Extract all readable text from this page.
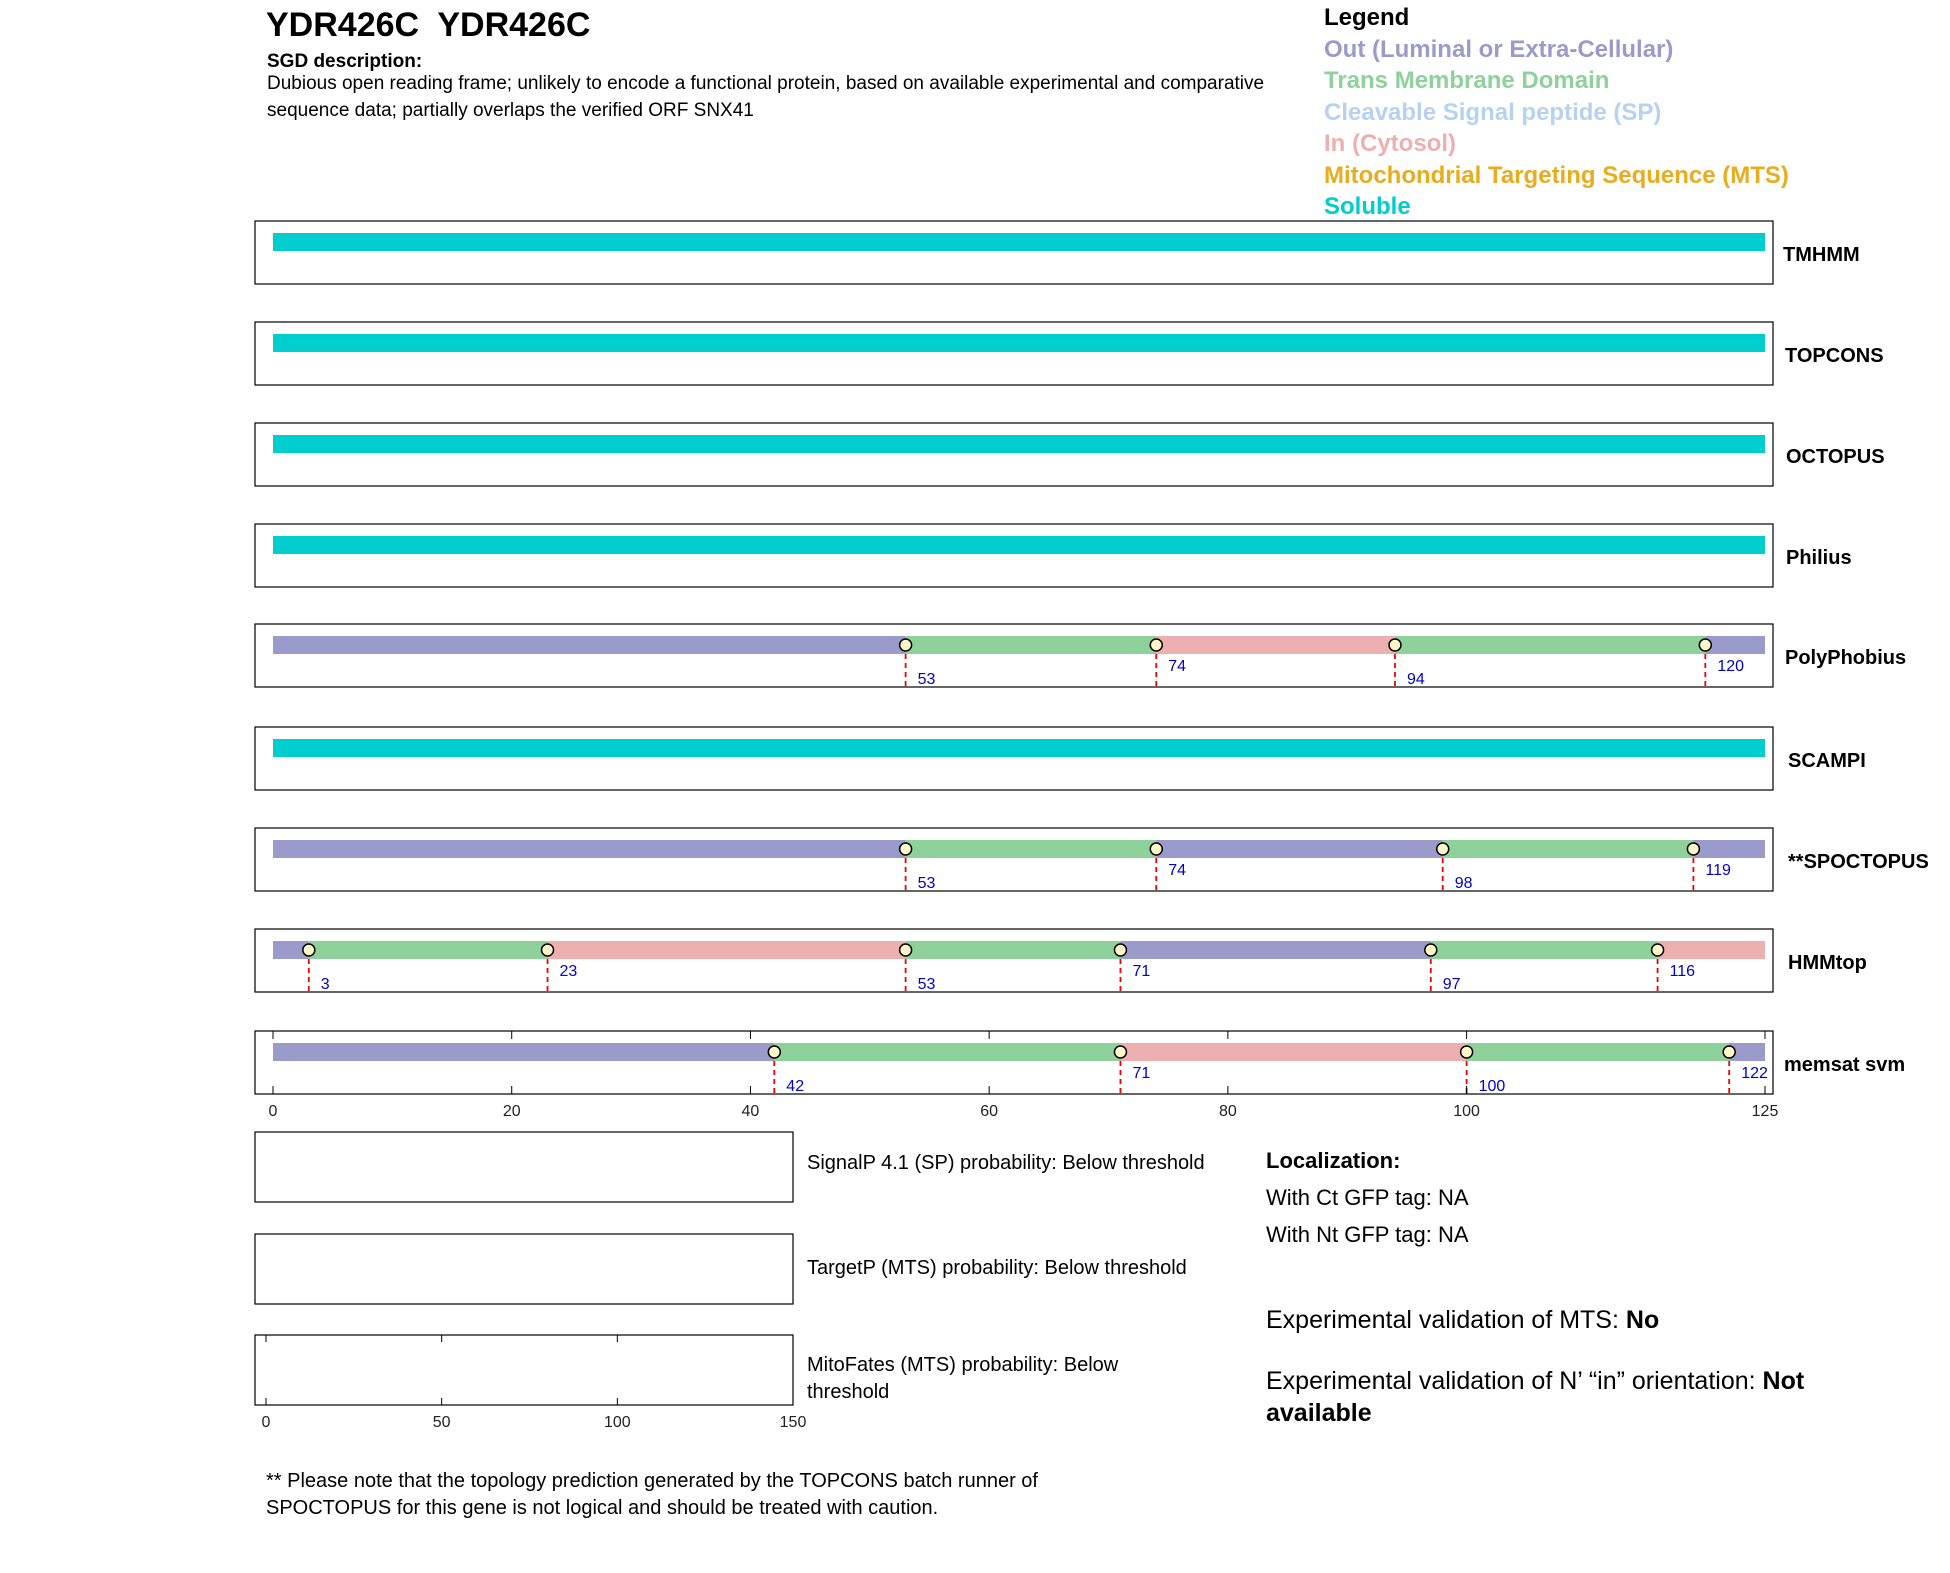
YDR426C  YDR426C
SGD description:
Dubious open reading frame; unlikely to encode a functional protein, based on available experimental and comparative sequence data; partially overlaps the verified ORF SNX41
Legend
Out (Luminal or Extra-Cellular)
Trans Membrane Domain
Cleavable Signal peptide (SP)
In (Cytosol)
Mitochondrial Targeting Sequence (MTS)
Soluble
TMHMM
TOPCONS
OCTOPUS
Philius
53
74
94
120 PolyPhobius
SCAMPI
53
74
98
119	**SPOCTOPUS
3
23
53
71
97
116	HMMtop
42
71
100
122 memsat svm
0	20	40	60	80	100	125
0	50	100	150
SignalP 4.1 (SP) probability: Below threshold
TargetP (MTS) probability: Below threshold
MitoFates (MTS) probability: Below threshold
Localization:
With Ct GFP tag: NA
With Nt GFP tag: NA
Experimental validation of MTS: No
Experimental validation of N’ “in” orientation: Not available
** Please note that the topology prediction generated by the TOPCONS batch runner of SPOCTOPUS for this gene is not logical and should be treated with caution.
